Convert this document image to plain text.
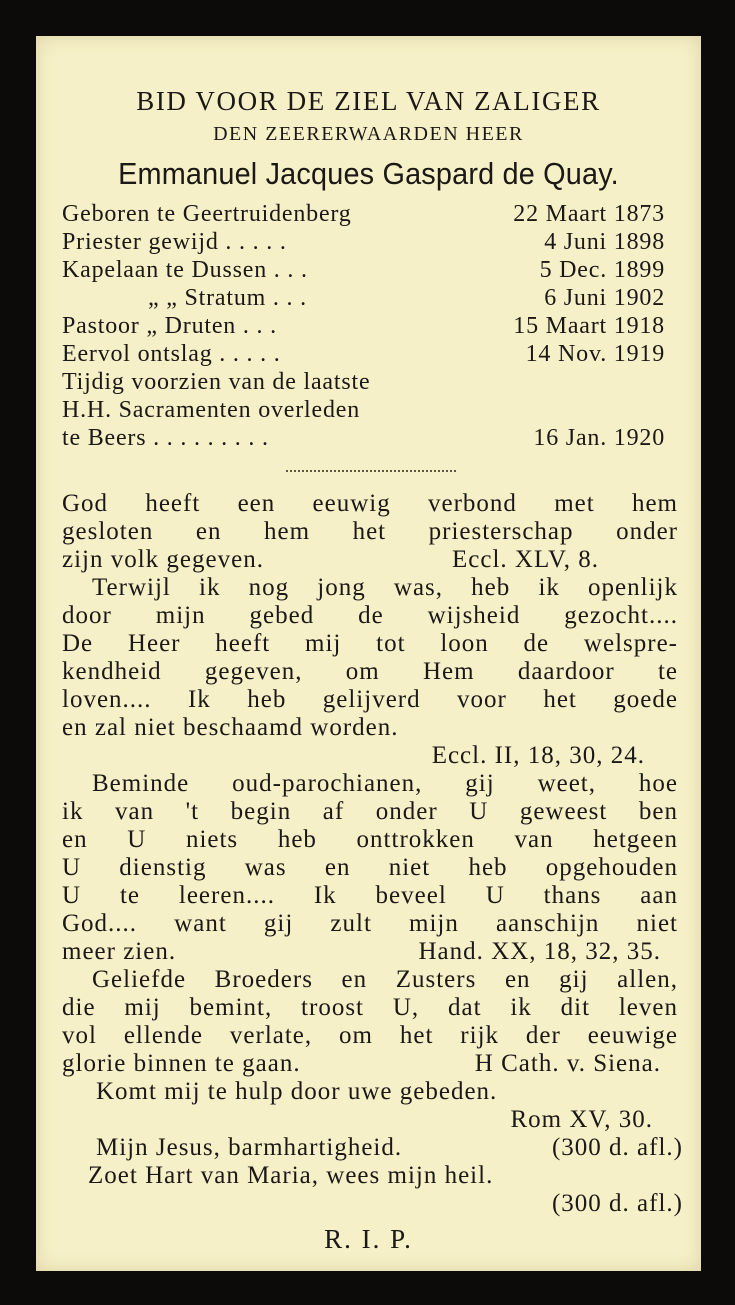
BID VOOR DE ZIEL VAN ZALIGER
DEN ZEERERWAARDEN HEER
Emmanuel Jacques Gaspard de Quay.
Geboren te Geertruidenberg	22 Maart 1873
Priester gewijd . . . . .	4 Juni 1898
Kapelaan te Dussen . . .	5 Dec. 1899
„ „ Stratum . . .	6 Juni 1902
Pastoor „ Druten . . .	15 Maart 1918
Eervol ontslag . . . . .	14 Nov. 1919
Tijdig voorzien van de laatste
H.H. Sacramenten overleden
te Beers . . . . . . . . .	16 Jan. 1920
God heeft een eeuwig verbond met hem
gesloten en hem het priesterschap onder
zijn volk gegeven.	Eccl. XLV, 8.
Terwijl ik nog jong was, heb ik openlijk
door mijn gebed de wijsheid gezocht....
De Heer heeft mij tot loon de welspre-
kendheid gegeven, om Hem daardoor te
loven.... Ik heb gelijverd voor het goede
en zal niet beschaamd worden.
Eccl. II, 18, 30, 24.
Beminde oud-parochianen, gij weet, hoe
ik van 't begin af onder U geweest ben
en U niets heb onttrokken van hetgeen
U dienstig was en niet heb opgehouden
U te leeren.... Ik beveel U thans aan
God.... want gij zult mijn aanschijn niet
meer zien.	Hand. XX, 18, 32, 35.
Geliefde Broeders en Zusters en gij allen,
die mij bemint, troost U, dat ik dit leven
vol ellende verlate, om het rijk der eeuwige
glorie binnen te gaan.	H Cath. v. Siena.
Komt mij te hulp door uwe gebeden.
Rom XV, 30.
Mijn Jesus, barmhartigheid.	(300 d. afl.)
Zoet Hart van Maria, wees mijn heil.
(300 d. afl.)
R. I. P.
